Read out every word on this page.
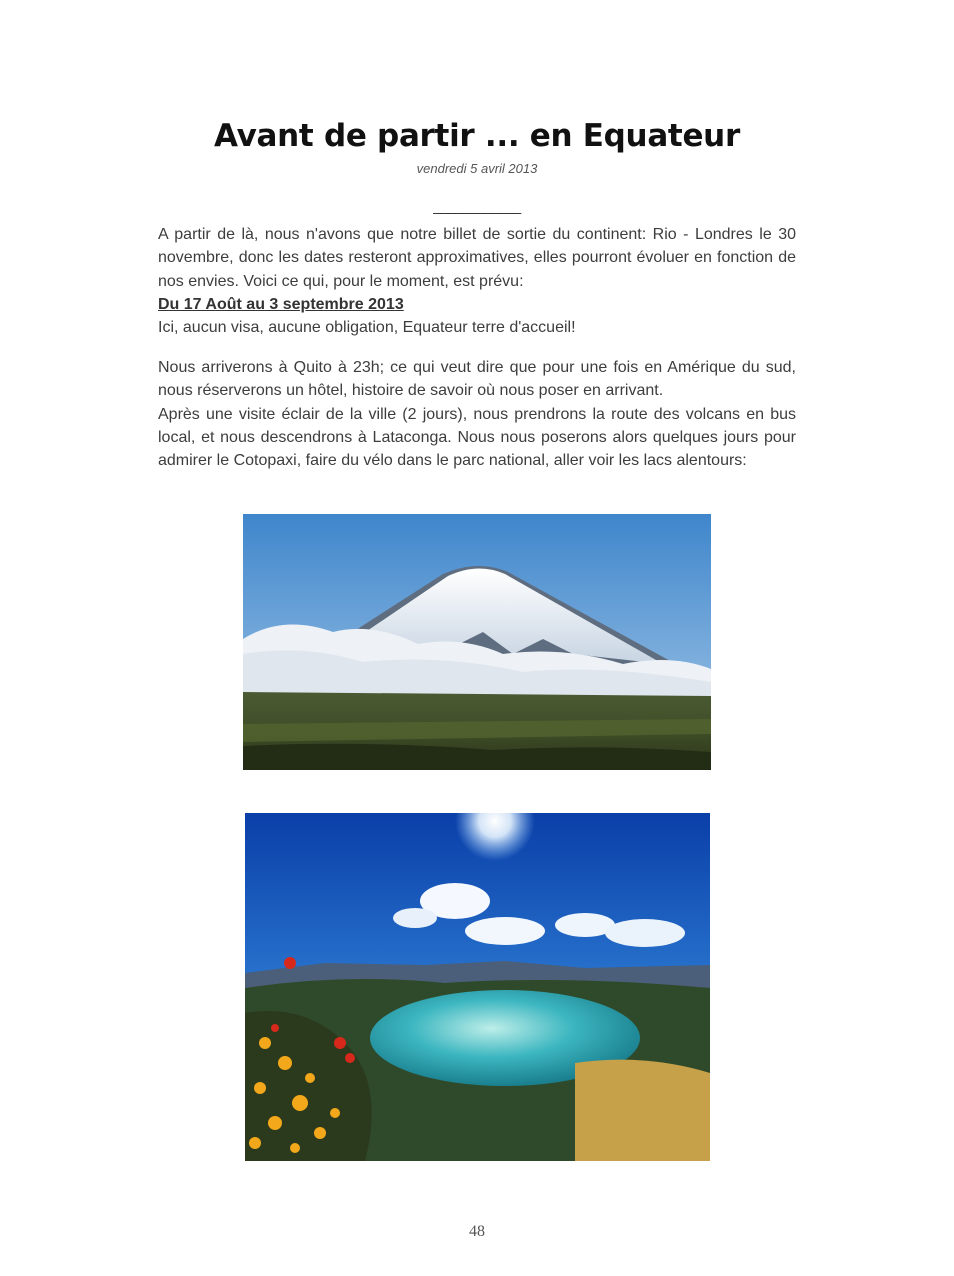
Avant de partir ... en Equateur
vendredi 5 avril 2013
____________
A partir de là, nous n'avons que notre billet de sortie du continent: Rio - Londres le 30 novembre, donc les dates resteront approximatives, elles pourront évoluer en fonction de nos envies. Voici ce qui, pour le moment, est prévu:
Du 17 Août au 3 septembre 2013
Ici, aucun visa, aucune obligation, Equateur terre d'accueil!
Nous arriverons à Quito à 23h; ce qui veut dire que pour une fois en Amérique du sud, nous réserverons un hôtel, histoire de savoir où nous poser en arrivant.
Après une visite éclair de la ville (2 jours), nous prendrons la route des volcans en bus local, et nous descendrons à Lataconga. Nous nous poserons alors quelques jours pour admirer le Cotopaxi, faire du vélo dans le parc national, aller voir les lacs alentours:
48
